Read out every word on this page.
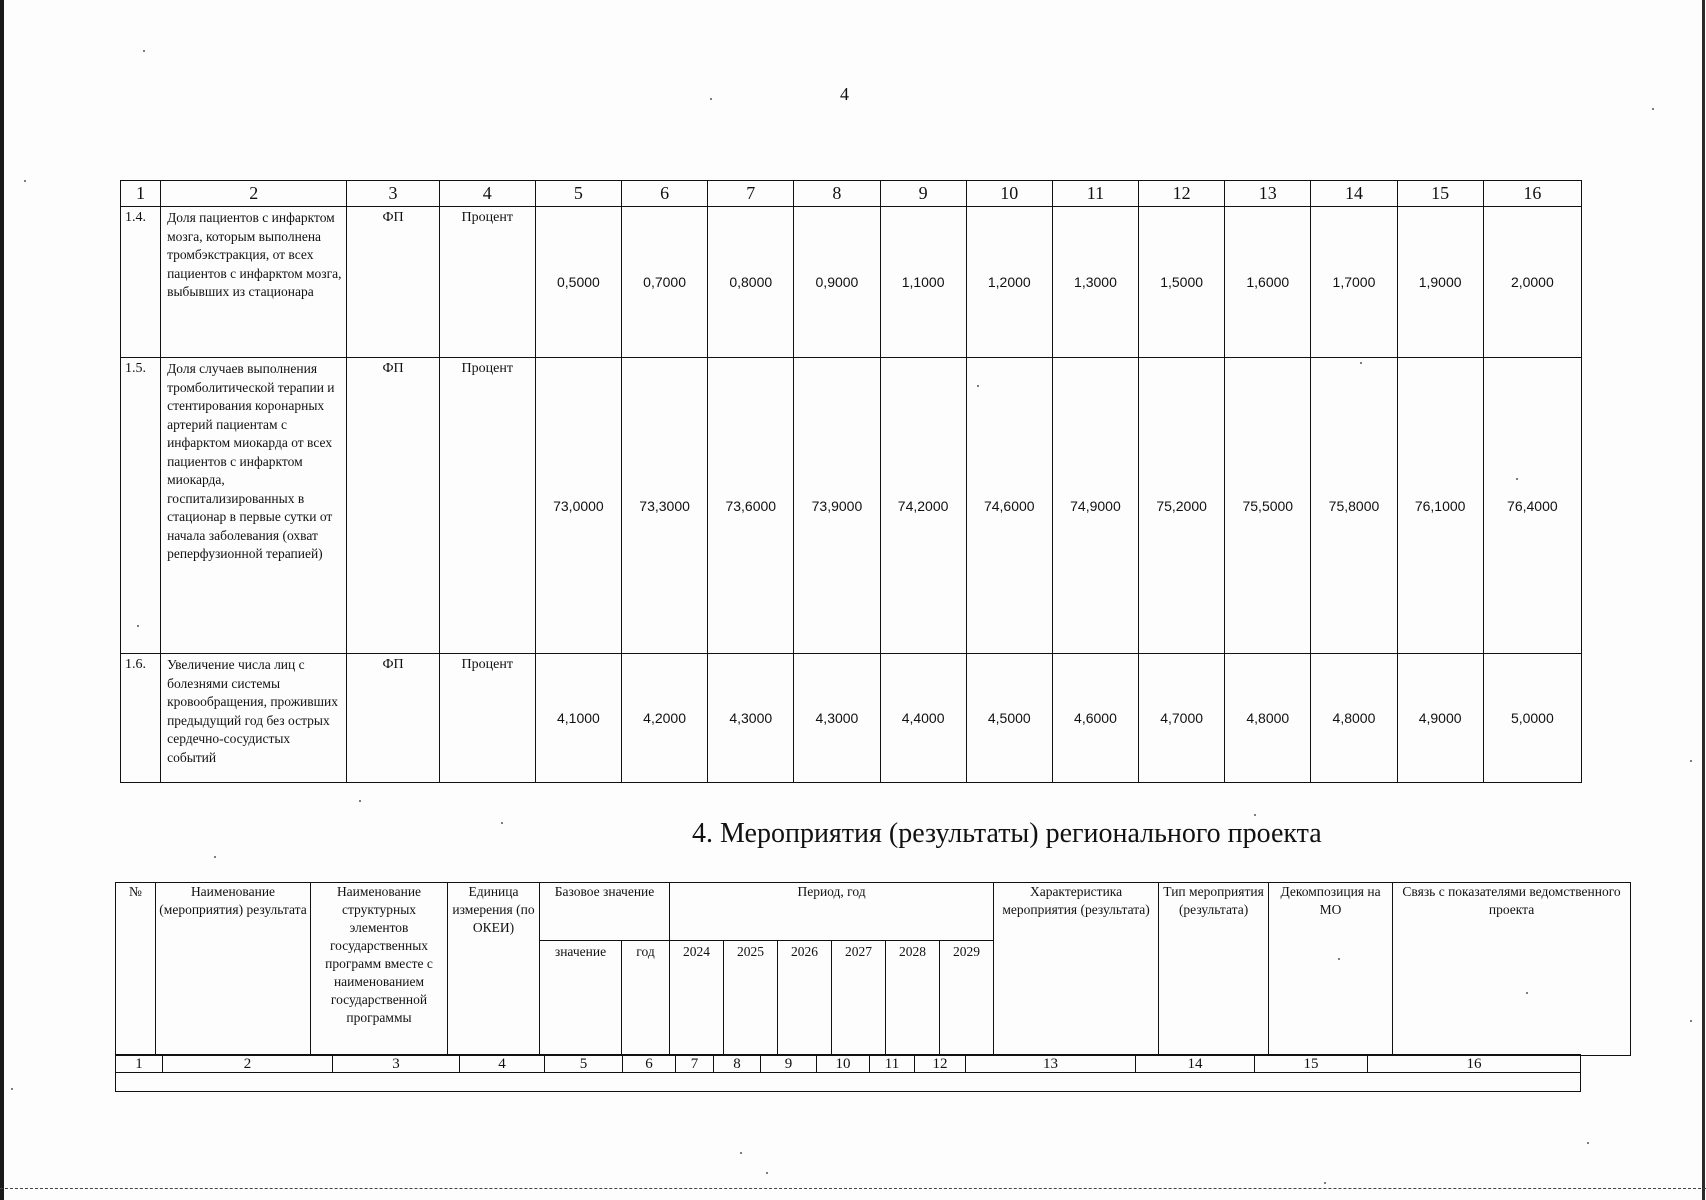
4
1	2	3	4	5	6	7	8	9	10	11	12	13	14	15	16
1.4.	Доля пациентов с инфарктом мозга, которым выполнена тромбэкстракция, от всех пациентов с инфарктом мозга, выбывших из стационара	ФП	Процент	0,5000	0,7000	0,8000	0,9000	1,1000	1,2000	1,3000	1,5000	1,6000	1,7000	1,9000	2,0000
1.5.	Доля случаев выполнения тромболитической терапии и стентирования коронарных артерий пациентам с инфарктом миокарда от всех пациентов с инфарктом миокарда, госпитализированных в стационар в первые сутки от начала заболевания (охват реперфузионной терапией)	ФП	Процент	73,0000	73,3000	73,6000	73,9000	74,2000	74,6000	74,9000	75,2000	75,5000	75,8000	76,1000	76,4000
1.6.	Увеличение числа лиц с болезнями системы кровообращения, проживших предыдущий год без острых сердечно-сосудистых событий	ФП	Процент	4,1000	4,2000	4,3000	4,3000	4,4000	4,5000	4,6000	4,7000	4,8000	4,8000	4,9000	5,0000
4. Мероприятия (результаты) регионального проекта
№	Наименование (мероприятия) результата	Наименование структурных элементов государственных программ вместе с наименованием государственной программы	Единица измерения (по ОКЕИ)	Базовое значение		Период, год						Характеристика мероприятия (результата)	Тип мероприятия (результата)	Декомпозиция на МО	Связь с показателями ведомственного проекта
				значение	год	2024	2025	2026	2027	2028	2029				
1	2	3	4	5	6	7	8	9	10	11	12	13	14	15	16
